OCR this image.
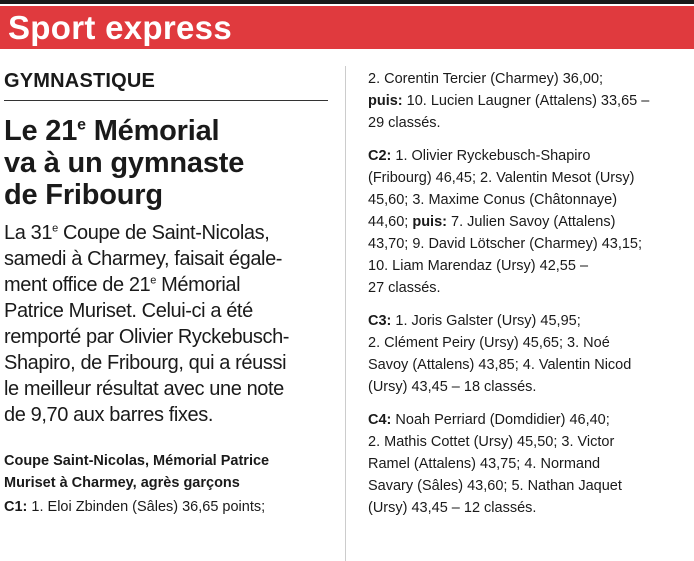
Sport express
GYMNASTIQUE
Le 21e Mémorial
va à un gymnaste
de Fribourg
La 31e Coupe de Saint-Nicolas,
samedi à Charmey, faisait égale-
ment office de 21e Mémorial
Patrice Muriset. Celui-ci a été
remporté par Olivier Ryckebusch-
Shapiro, de Fribourg, qui a réussi
le meilleur résultat avec une note
de 9,70 aux barres fixes.
Coupe Saint-Nicolas, Mémorial Patrice
Muriset à Charmey, agrès garçons
C1: 1. Eloi Zbinden (Sâles) 36,65 points;
2. Corentin Tercier (Charmey) 36,00;
puis: 10. Lucien Laugner (Attalens) 33,65 –
29 classés.
C2: 1. Olivier Ryckebusch-Shapiro
(Fribourg) 46,45; 2. Valentin Mesot (Ursy)
45,60; 3. Maxime Conus (Châtonnaye)
44,60; puis: 7. Julien Savoy (Attalens)
43,70; 9. David Lötscher (Charmey) 43,15;
10. Liam Marendaz (Ursy) 42,55 –
27 classés.
C3: 1. Joris Galster (Ursy) 45,95;
2. Clément Peiry (Ursy) 45,65; 3. Noé
Savoy (Attalens) 43,85; 4. Valentin Nicod
(Ursy) 43,45 – 18 classés.
C4: Noah Perriard (Domdidier) 46,40;
2. Mathis Cottet (Ursy) 45,50; 3. Victor
Ramel (Attalens) 43,75; 4. Normand
Savary (Sâles) 43,60; 5. Nathan Jaquet
(Ursy) 43,45 – 12 classés.
